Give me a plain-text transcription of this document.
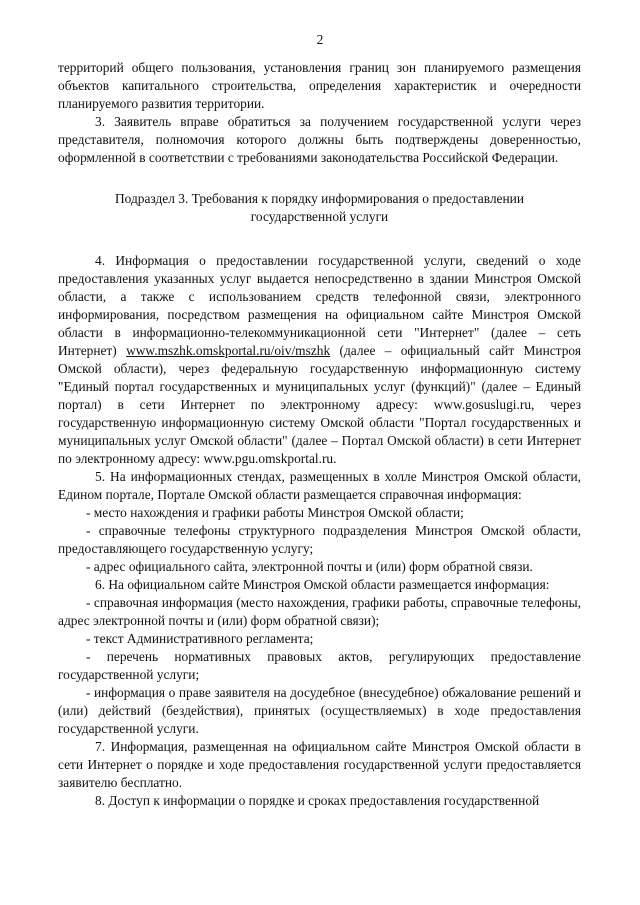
2

территорий общего пользования, установления границ зон планируемого размещения объектов капитального строительства, определения характеристик и очередности планируемого развития территории.

3. Заявитель вправе обратиться за получением государственной услуги через представителя, полномочия которого должны быть подтверждены доверенностью, оформленной в соответствии с требованиями законодательства Российской Федерации.

Подраздел 3. Требования к порядку информирования о предоставлении
государственной услуги

4. Информация о предоставлении государственной услуги, сведений о ходе предоставления указанных услуг выдается непосредственно в здании Минстроя Омской области, а также с использованием средств телефонной связи, электронного информирования, посредством размещения на официальном сайте Минстроя Омской области в информационно-телекоммуникационной сети "Интернет" (далее – сеть Интернет) www.mszhk.omskportal.ru/oiv/mszhk (далее – официальный сайт Минстроя Омской области), через федеральную государственную информационную систему "Единый портал государственных и муниципальных услуг (функций)" (далее – Единый портал) в сети Интернет по электронному адресу: www.gosuslugi.ru, через государственную информационную систему Омской области "Портал государственных и муниципальных услуг Омской области" (далее – Портал Омской области) в сети Интернет по электронному адресу: www.pgu.omskportal.ru.

5. На информационных стендах, размещенных в холле Минстроя Омской области, Едином портале, Портале Омской области размещается справочная информация:

- место нахождения и графики работы Минстроя Омской области;

- справочные телефоны структурного подразделения Минстроя Омской области, предоставляющего государственную услугу;

- адрес официального сайта, электронной почты и (или) форм обратной связи.

6. На официальном сайте Минстроя Омской области размещается информация:

- справочная информация (место нахождения, графики работы, справочные телефоны, адрес электронной почты и (или) форм обратной связи);

- текст Административного регламента;

- перечень нормативных правовых актов, регулирующих предоставление государственной услуги;

- информация о праве заявителя на досудебное (внесудебное) обжалование решений и (или) действий (бездействия), принятых (осуществляемых) в ходе предоставления государственной услуги.

7. Информация, размещенная на официальном сайте Минстроя Омской области в сети Интернет о порядке и ходе предоставления государственной услуги предоставляется заявителю бесплатно.

8. Доступ к информации о порядке и сроках предоставления государственной
